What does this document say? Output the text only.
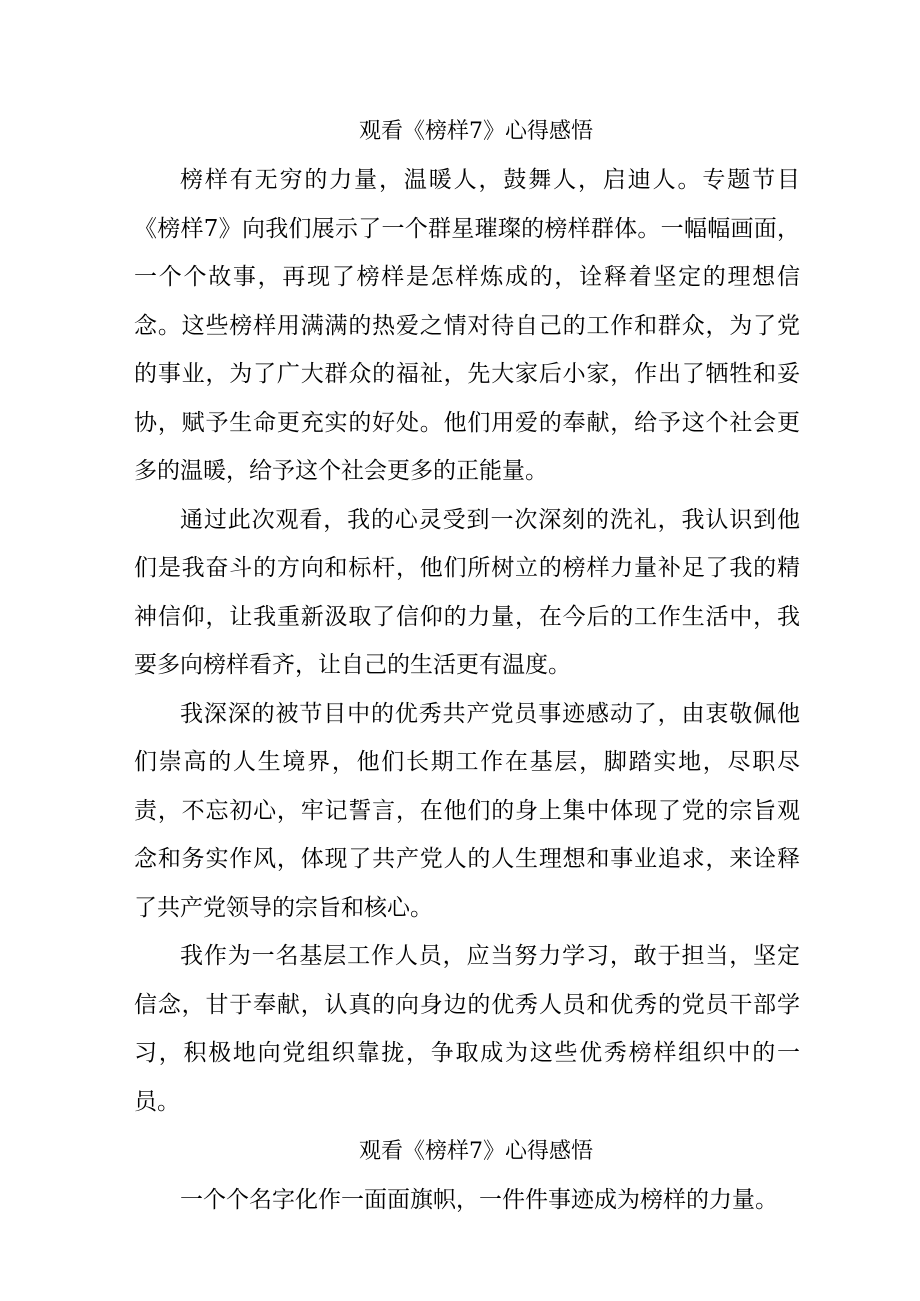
观看《榜样7》心得感悟

榜样有无穷的力量，温暖人，鼓舞人，启迪人。专题节目《榜样7》向我们展示了一个群星璀璨的榜样群体。一幅幅画面，一个个故事，再现了榜样是怎样炼成的，诠释着坚定的理想信念。这些榜样用满满的热爱之情对待自己的工作和群众，为了党的事业，为了广大群众的福祉，先大家后小家，作出了牺牲和妥协，赋予生命更充实的好处。他们用爱的奉献，给予这个社会更多的温暖，给予这个社会更多的正能量。

通过此次观看，我的心灵受到一次深刻的洗礼，我认识到他们是我奋斗的方向和标杆，他们所树立的榜样力量补足了我的精神信仰，让我重新汲取了信仰的力量，在今后的工作生活中，我要多向榜样看齐，让自己的生活更有温度。

我深深的被节目中的优秀共产党员事迹感动了，由衷敬佩他们崇高的人生境界，他们长期工作在基层，脚踏实地，尽职尽责，不忘初心，牢记誓言，在他们的身上集中体现了党的宗旨观念和务实作风，体现了共产党人的人生理想和事业追求，来诠释了共产党领导的宗旨和核心。

我作为一名基层工作人员，应当努力学习，敢于担当，坚定信念，甘于奉献，认真的向身边的优秀人员和优秀的党员干部学习，积极地向党组织靠拢，争取成为这些优秀榜样组织中的一员。

观看《榜样7》心得感悟

一个个名字化作一面面旗帜，一件件事迹成为榜样的力量。
